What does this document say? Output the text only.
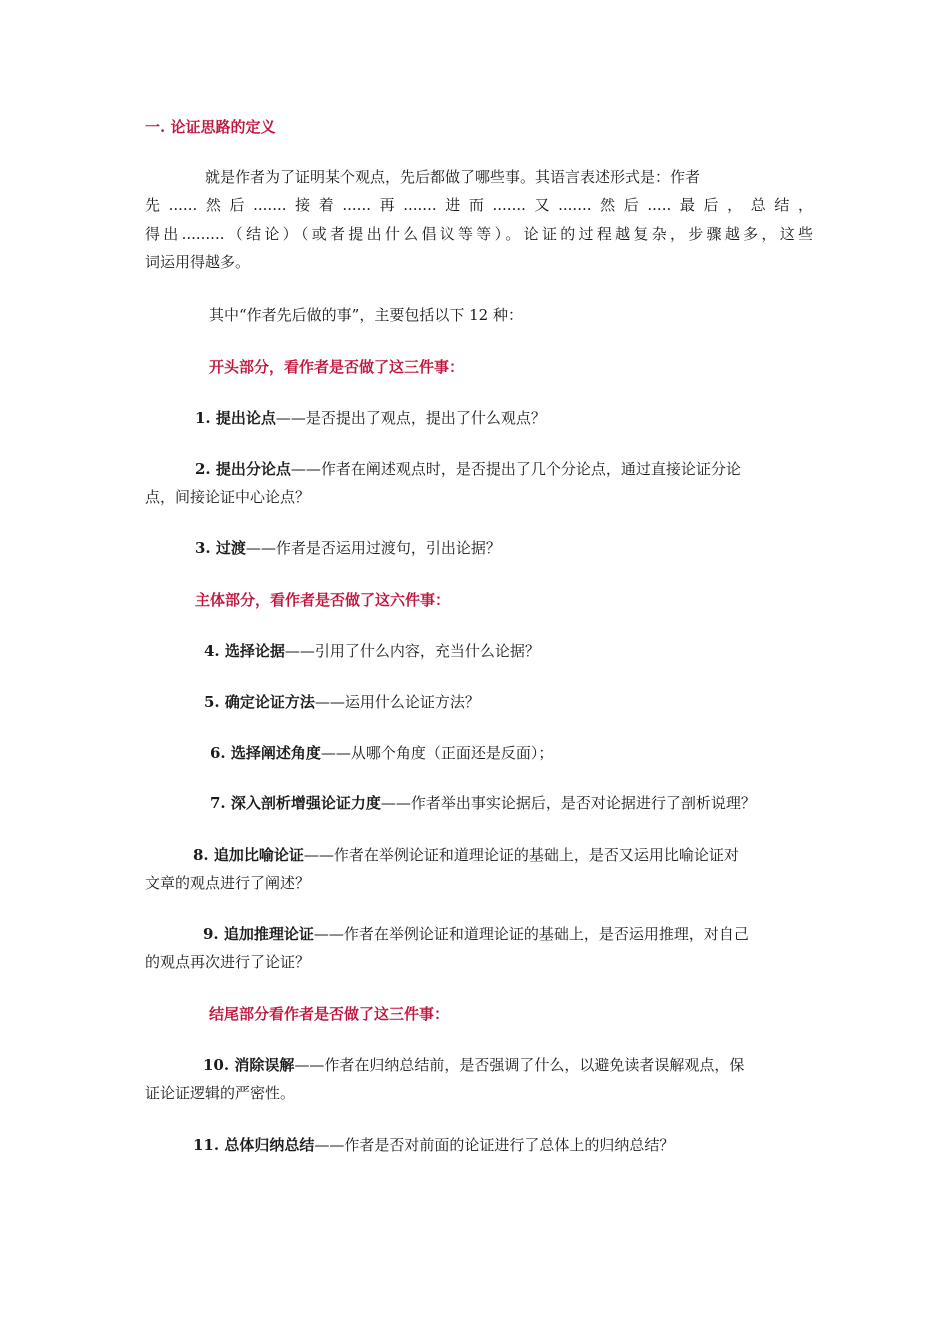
一. 论证思路的定义
就是作者为了证明某个观点，先后都做了哪些事。其语言表述形式是：作者
先......然后.......接着......再.......进而.......又.......然后.....最后，总结，
得出.........（结论）（或者提出什么倡议等等）。论证的过程越复杂，步骤越多，这些
词运用得越多。
其中“作者先后做的事”，主要包括以下 12 种：
开头部分，看作者是否做了这三件事：
1. 提出论点——是否提出了观点，提出了什么观点？
2. 提出分论点——作者在阐述观点时，是否提出了几个分论点，通过直接论证分论
点，间接论证中心论点？
3. 过渡——作者是否运用过渡句，引出论据？
主体部分，看作者是否做了这六件事：
4. 选择论据——引用了什么内容，充当什么论据？
5. 确定论证方法——运用什么论证方法？
6. 选择阐述角度——从哪个角度（正面还是反面）；
7. 深入剖析增强论证力度——作者举出事实论据后，是否对论据进行了剖析说理？
8. 追加比喻论证——作者在举例论证和道理论证的基础上，是否又运用比喻论证对
文章的观点进行了阐述？
9. 追加推理论证——作者在举例论证和道理论证的基础上，是否运用推理，对自己
的观点再次进行了论证？
结尾部分看作者是否做了这三件事：
10. 消除误解——作者在归纳总结前，是否强调了什么，以避免读者误解观点，保
证论证逻辑的严密性。
11. 总体归纳总结——作者是否对前面的论证进行了总体上的归纳总结？
